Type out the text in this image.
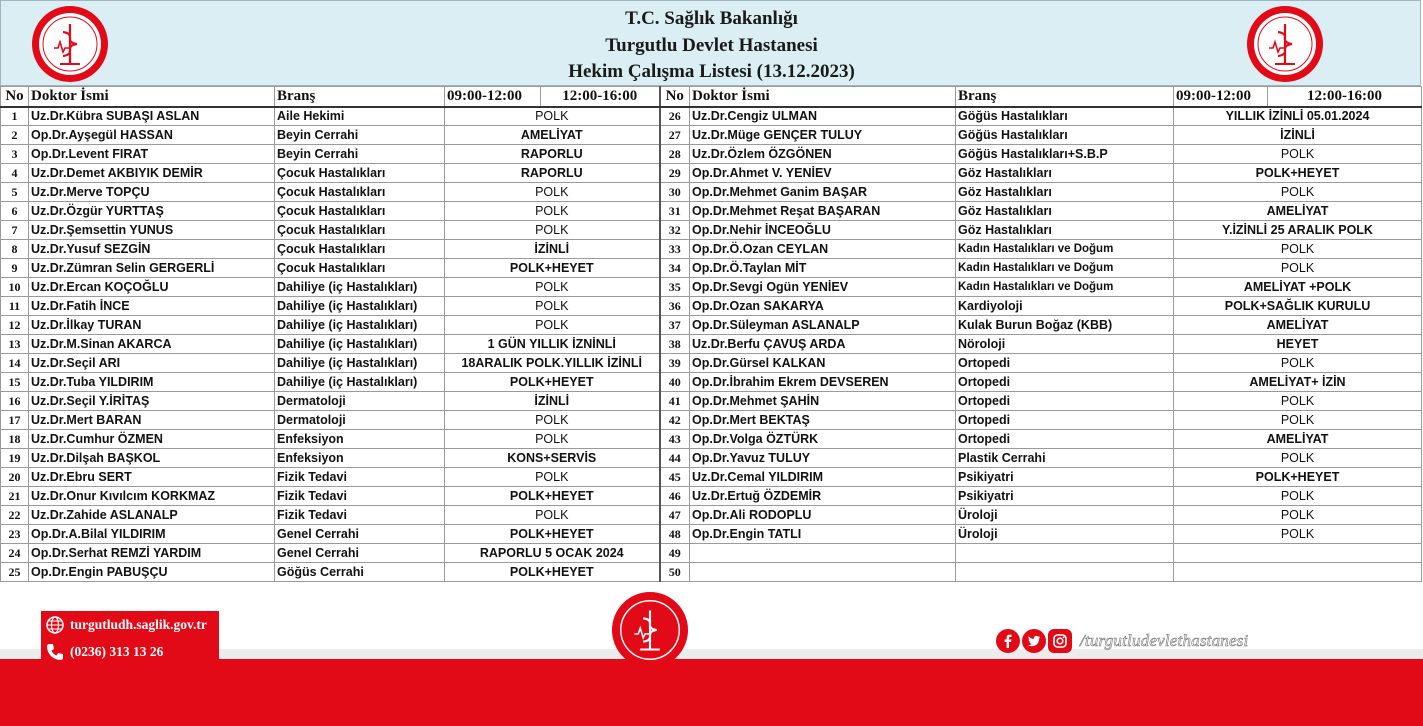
T.C. Sağlık Bakanlığı
Turgutlu Devlet Hastanesi
Hekim Çalışma Listesi (13.12.2023)
No	Doktor İsmi	Branş	09:00-12:00	12:00-16:00	No	Doktor İsmi	Branş	09:00-12:00	12:00-16:00
1	Uz.Dr.Kübra SUBAŞI ASLAN	Aile Hekimi	POLK		26	Uz.Dr.Cengiz ULMAN	Göğüs Hastalıkları	YILLIK İZİNLİ 05.01.2024	
2	Op.Dr.Ayşegül HASSAN	Beyin Cerrahi	AMELİYAT		27	Uz.Dr.Müge GENÇER TULUY	Göğüs Hastalıkları	İZİNLİ	
3	Op.Dr.Levent FIRAT	Beyin Cerrahi	RAPORLU		28	Uz.Dr.Özlem ÖZGÖNEN	Göğüs Hastalıkları+S.B.P	POLK	
4	Uz.Dr.Demet AKBIYIK DEMİR	Çocuk Hastalıkları	RAPORLU		29	Op.Dr.Ahmet V. YENİEV	Göz Hastalıkları	POLK+HEYET	
5	Uz.Dr.Merve TOPÇU	Çocuk Hastalıkları	POLK		30	Op.Dr.Mehmet Ganim BAŞAR	Göz Hastalıkları	POLK	
6	Uz.Dr.Özgür YURTTAŞ	Çocuk Hastalıkları	POLK		31	Op.Dr.Mehmet Reşat BAŞARAN	Göz Hastalıkları	AMELİYAT	
7	Uz.Dr.Şemsettin YUNUS	Çocuk Hastalıkları	POLK		32	Op.Dr.Nehir İNCEOĞLU	Göz Hastalıkları	Y.İZİNLİ 25 ARALIK POLK	
8	Uz.Dr.Yusuf SEZGİN	Çocuk Hastalıkları	İZİNLİ		33	Op.Dr.Ö.Ozan CEYLAN	Kadın Hastalıkları ve Doğum	POLK	
9	Uz.Dr.Zümran Selin GERGERLİ	Çocuk Hastalıkları	POLK+HEYET		34	Op.Dr.Ö.Taylan MİT	Kadın Hastalıkları ve Doğum	POLK	
10	Uz.Dr.Ercan KOÇOĞLU	Dahiliye (iç Hastalıkları)	POLK		35	Op.Dr.Sevgi Ogün YENİEV	Kadın Hastalıkları ve Doğum	AMELİYAT +POLK	
11	Uz.Dr.Fatih İNCE	Dahiliye (iç Hastalıkları)	POLK		36	Op.Dr.Ozan SAKARYA	Kardiyoloji	POLK+SAĞLIK KURULU	
12	Uz.Dr.İlkay TURAN	Dahiliye (iç Hastalıkları)	POLK		37	Op.Dr.Süleyman ASLANALP	Kulak Burun Boğaz (KBB)	AMELİYAT	
13	Uz.Dr.M.Sinan AKARCA	Dahiliye (iç Hastalıkları)	1 GÜN YILLIK İZNİNLİ		38	Uz.Dr.Berfu ÇAVUŞ ARDA	Nöroloji	HEYET	
14	Uz.Dr.Seçil ARI	Dahiliye (iç Hastalıkları)	18ARALIK POLK.YILLIK İZİNLİ		39	Op.Dr.Gürsel KALKAN	Ortopedi	POLK	
15	Uz.Dr.Tuba YILDIRIM	Dahiliye (iç Hastalıkları)	POLK+HEYET		40	Op.Dr.İbrahim Ekrem DEVSEREN	Ortopedi	AMELİYAT+ İZİN	
16	Uz.Dr.Seçil Y.İRİTAŞ	Dermatoloji	İZİNLİ		41	Op.Dr.Mehmet ŞAHİN	Ortopedi	POLK	
17	Uz.Dr.Mert BARAN	Dermatoloji	POLK		42	Op.Dr.Mert BEKTAŞ	Ortopedi	POLK	
18	Uz.Dr.Cumhur ÖZMEN	Enfeksiyon	POLK		43	Op.Dr.Volga ÖZTÜRK	Ortopedi	AMELİYAT	
19	Uz.Dr.Dilşah BAŞKOL	Enfeksiyon	KONS+SERVİS		44	Op.Dr.Yavuz TULUY	Plastik Cerrahi	POLK	
20	Uz.Dr.Ebru SERT	Fizik Tedavi	POLK		45	Uz.Dr.Cemal YILDIRIM	Psikiyatri	POLK+HEYET	
21	Uz.Dr.Onur Kıvılcım KORKMAZ	Fizik Tedavi	POLK+HEYET		46	Uz.Dr.Ertuğ ÖZDEMİR	Psikiyatri	POLK	
22	Uz.Dr.Zahide ASLANALP	Fizik Tedavi	POLK		47	Op.Dr.Ali RODOPLU	Üroloji	POLK	
23	Op.Dr.A.Bilal YILDIRIM	Genel Cerrahi	POLK+HEYET		48	Op.Dr.Engin TATLI	Üroloji	POLK	
24	Op.Dr.Serhat REMZİ YARDIM	Genel Cerrahi	RAPORLU 5 OCAK 2024		49				
25	Op.Dr.Engin PABUŞÇU	Göğüs Cerrahi	POLK+HEYET		50				
turgutludh.saglik.gov.tr
(0236) 313 13 26
/turgutludevlethastanesi
